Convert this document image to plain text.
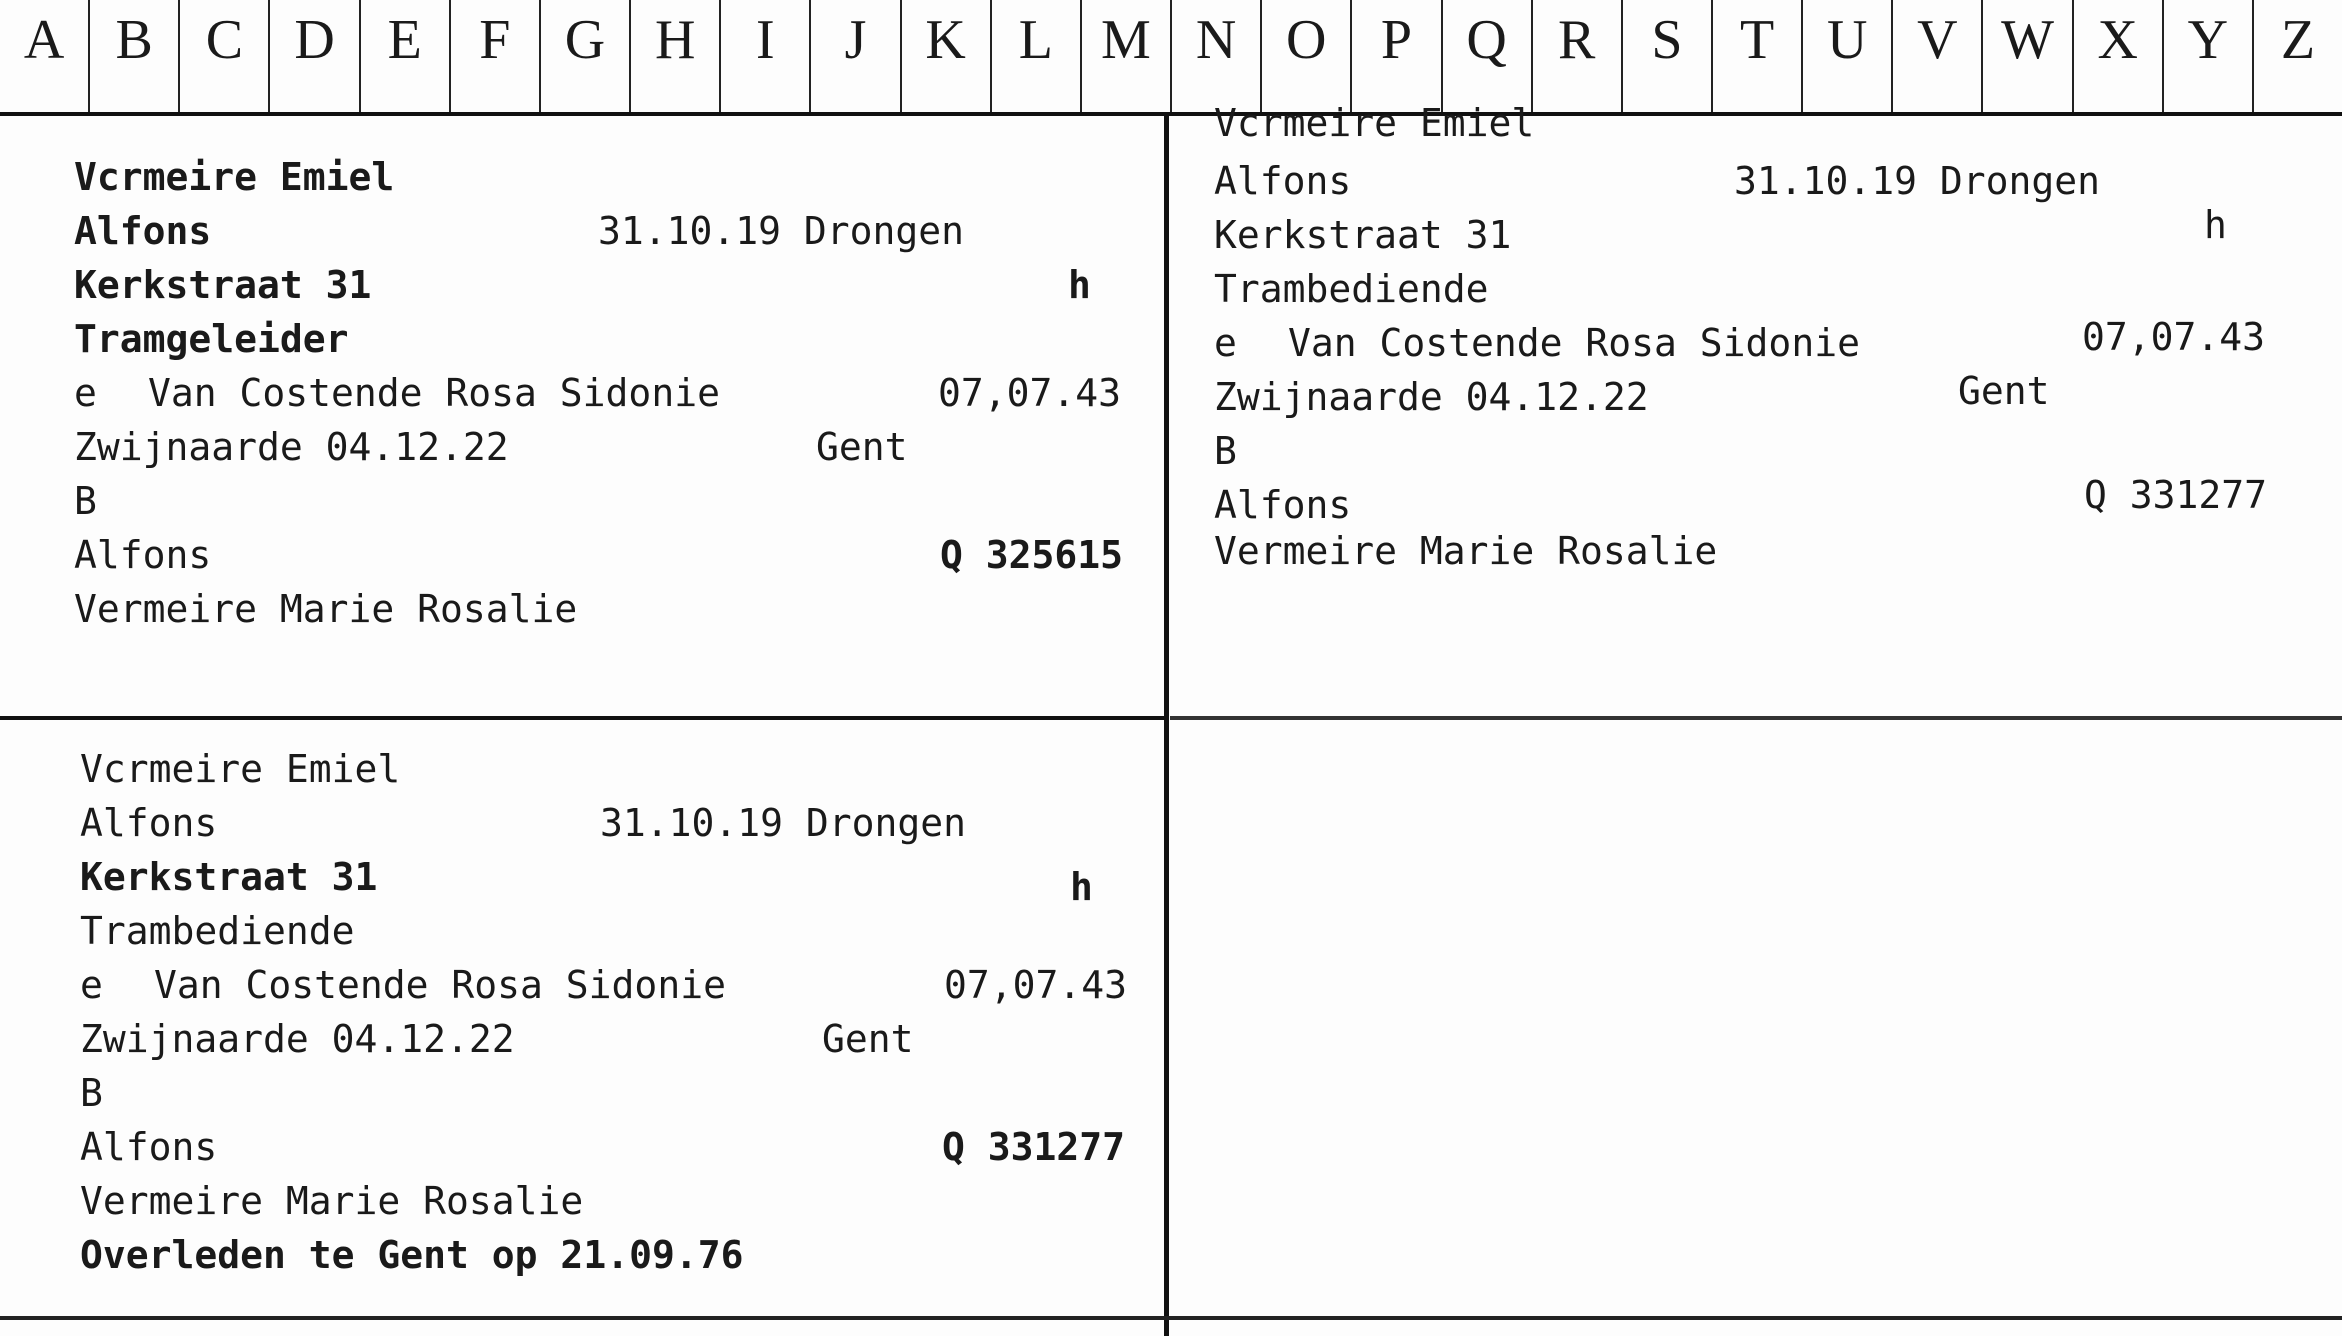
A B C D E	F G H	I	J	K L M N O P Q R S	T U V W X Y Z
Vcrmeire Emiel

Alfons

	31.10.19 Drongen

Kerkstraat 31

	h

Tramgeleider

e

Van Costende Rosa Sidonie

	07,07.43

Zwijnaarde 04.12.22

	Gent

B

Alfons

	Q 325615

Vermeire Marie Rosalie
Vcrmeire Emiel

Alfons

	31.10.19 Drongen

Kerkstraat 31

	h

Trambediende

e

Van Costende Rosa Sidonie

	07,07.43

Zwijnaarde 04.12.22

	Gent

B

Alfons

	Q 331277

Vermeire Marie Rosalie
Vcrmeire Emiel

Alfons

	31.10.19 Drongen

Kerkstraat 31

	h

Trambediende

e

Van Costende Rosa Sidonie

	07,07.43

Zwijnaarde 04.12.22

	Gent

B

Alfons

	Q 331277

Vermeire Marie Rosalie
Overleden te Gent op 21.09.76
